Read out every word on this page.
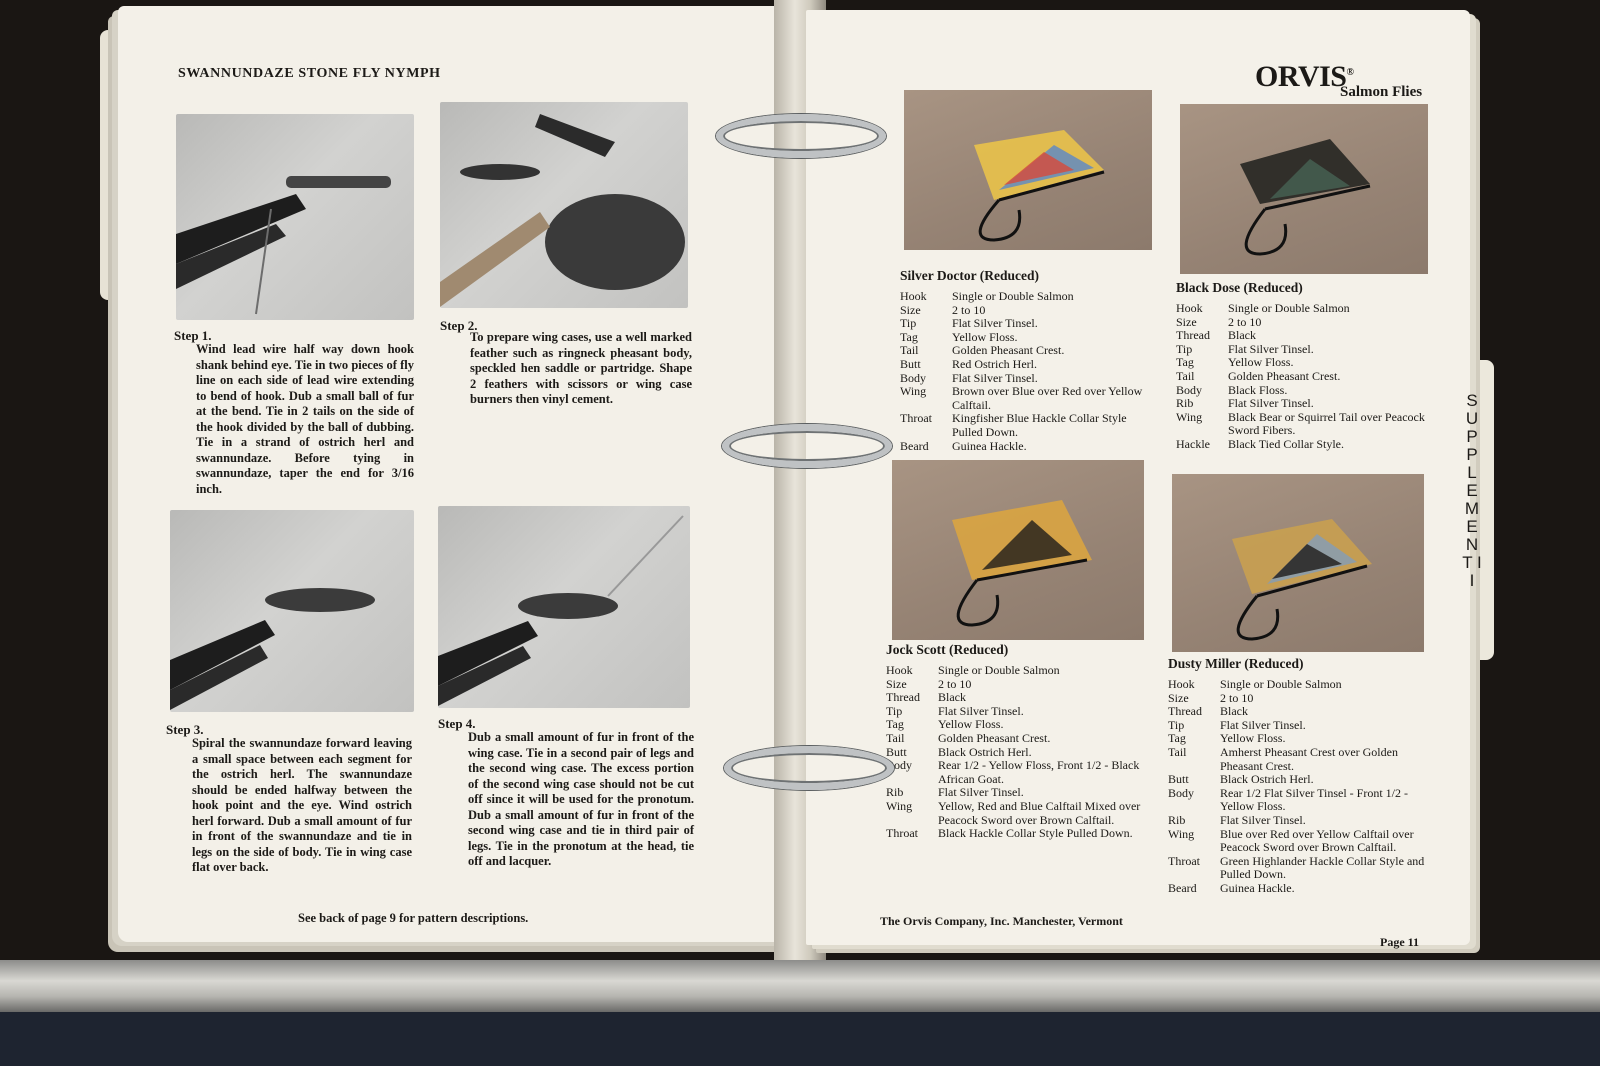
SWANNUNDAZE STONE FLY NYMPH
Step 1.
Wind lead wire half way down hook shank behind eye. Tie in two pieces of fly line on each side of lead wire extending to bend of hook. Dub a small ball of fur at the bend. Tie in 2 tails on the side of the hook divided by the ball of dubbing. Tie in a strand of ostrich herl and swannundaze. Before tying in swannundaze, taper the end for 3/16 inch.
Step 2.
To prepare wing cases, use a well marked feather such as ringneck pheasant body, speckled hen saddle or partridge. Shape 2 feathers with scissors or wing case burners then vinyl cement.
Step 3.
Spiral the swannundaze forward leaving a small space between each segment for the ostrich herl. The swannundaze should be ended halfway between the hook point and the eye. Wind ostrich herl forward. Dub a small amount of fur in front of the swannundaze and tie in legs on the side of body. Tie in wing case flat over back.
Step 4.
Dub a small amount of fur in front of the wing case. Tie in a second pair of legs and the second wing case. The excess portion of the second wing case should not be cut off since it will be used for the pronotum. Dub a small amount of fur in front of the second wing case and tie in third pair of legs. Tie in the pronotum at the head, tie off and lacquer.
See back of page 9 for pattern descriptions.
SUPPLEMENT II
ORVIS®
Salmon Flies
Silver Doctor (Reduced)
Hook	Single or Double Salmon
Size	2 to 10
Tip	Flat Silver Tinsel.
Tag	Yellow Floss.
Tail	Golden Pheasant Crest.
Butt	Red Ostrich Herl.
Body	Flat Silver Tinsel.
Wing	Brown over Blue over Red over Yellow Calftail.
Throat	Kingfisher Blue Hackle Collar Style Pulled Down.
Beard	Guinea Hackle.
Black Dose (Reduced)
Hook	Single or Double Salmon
Size	2 to 10
Thread	Black
Tip	Flat Silver Tinsel.
Tag	Yellow Floss.
Tail	Golden Pheasant Crest.
Body	Black Floss.
Rib	Flat Silver Tinsel.
Wing	Black Bear or Squirrel Tail over Peacock Sword Fibers.
Hackle	Black Tied Collar Style.
Jock Scott (Reduced)
Hook	Single or Double Salmon
Size	2 to 10
Thread	Black
Tip	Flat Silver Tinsel.
Tag	Yellow Floss.
Tail	Golden Pheasant Crest.
Butt	Black Ostrich Herl.
Body	Rear 1/2 - Yellow Floss, Front 1/2 - Black African Goat.
Rib	Flat Silver Tinsel.
Wing	Yellow, Red and Blue Calftail Mixed over Peacock Sword over Brown Calftail.
Throat	Black Hackle Collar Style Pulled Down.
Dusty Miller (Reduced)
Hook	Single or Double Salmon
Size	2 to 10
Thread	Black
Tip	Flat Silver Tinsel.
Tag	Yellow Floss.
Tail	Amherst Pheasant Crest over Golden Pheasant Crest.
Butt	Black Ostrich Herl.
Body	Rear 1/2 Flat Silver Tinsel - Front 1/2 - Yellow Floss.
Rib	Flat Silver Tinsel.
Wing	Blue over Red over Yellow Calftail over Peacock Sword over Brown Calftail.
Throat	Green Highlander Hackle Collar Style and Pulled Down.
Beard	Guinea Hackle.
The Orvis Company, Inc. Manchester, Vermont
Page 11
